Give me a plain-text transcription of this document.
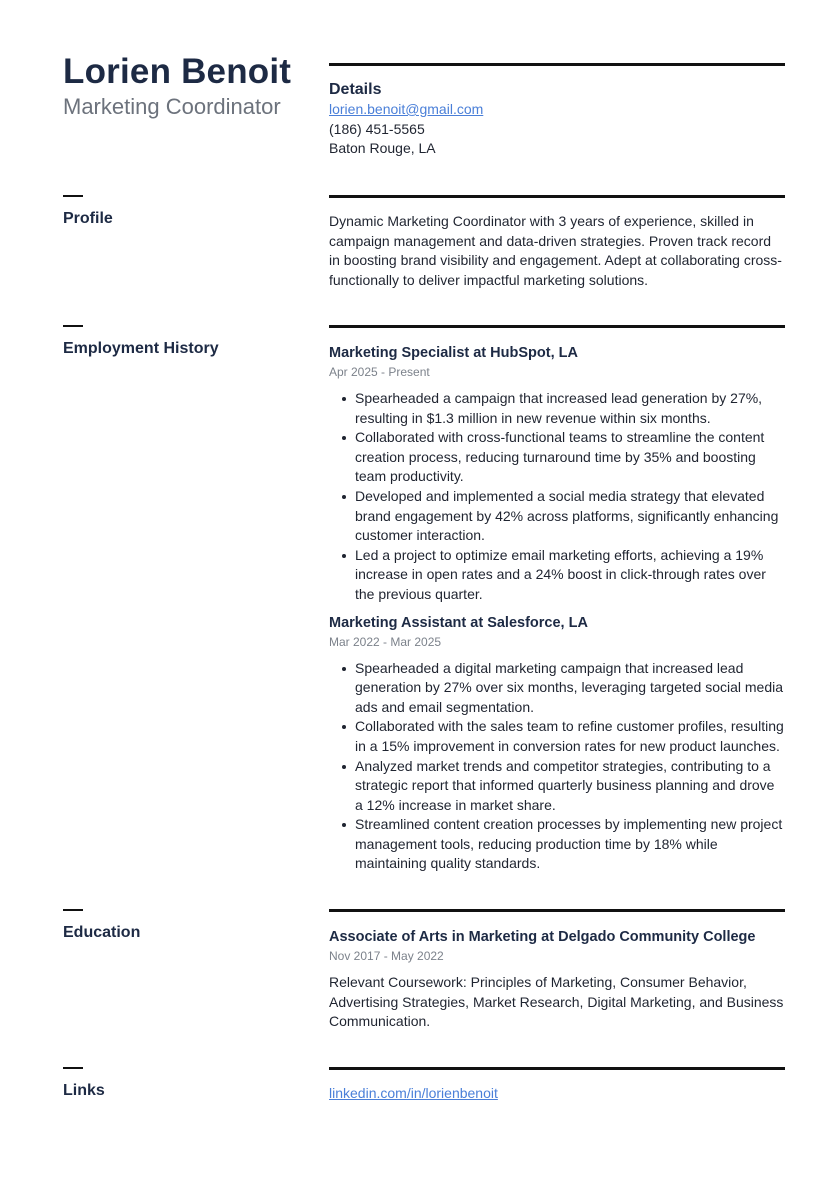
Lorien Benoit
Marketing Coordinator
Details
lorien.benoit@gmail.com
(186) 451-5565
Baton Rouge, LA
Profile	Dynamic Marketing Coordinator with 3 years of experience, skilled in campaign management and data-driven strategies. Proven track record in boosting brand visibility and engagement. Adept at collaborating cross-functionally to deliver impactful marketing solutions.
Employment History	Marketing Specialist at HubSpot, LA
Apr 2025 - Present
Spearheaded a campaign that increased lead generation by 27%, resulting in $1.3 million in new revenue within six months.
Collaborated with cross-functional teams to streamline the content creation process, reducing turnaround time by 35% and boosting team productivity.
Developed and implemented a social media strategy that elevated brand engagement by 42% across platforms, significantly enhancing customer interaction.
Led a project to optimize email marketing efforts, achieving a 19% increase in open rates and a 24% boost in click-through rates over the previous quarter.
Marketing Assistant at Salesforce, LA
Mar 2022 - Mar 2025
Spearheaded a digital marketing campaign that increased lead generation by 27% over six months, leveraging targeted social media ads and email segmentation.
Collaborated with the sales team to refine customer profiles, resulting in a 15% improvement in conversion rates for new product launches.
Analyzed market trends and competitor strategies, contributing to a strategic report that informed quarterly business planning and drove a 12% increase in market share.
Streamlined content creation processes by implementing new project management tools, reducing production time by 18% while maintaining quality standards.
Education	Associate of Arts in Marketing at Delgado Community College
Nov 2017 - May 2022
Relevant Coursework: Principles of Marketing, Consumer Behavior, Advertising Strategies, Market Research, Digital Marketing, and Business Communication.
Links	linkedin.com/in/lorienbenoit
